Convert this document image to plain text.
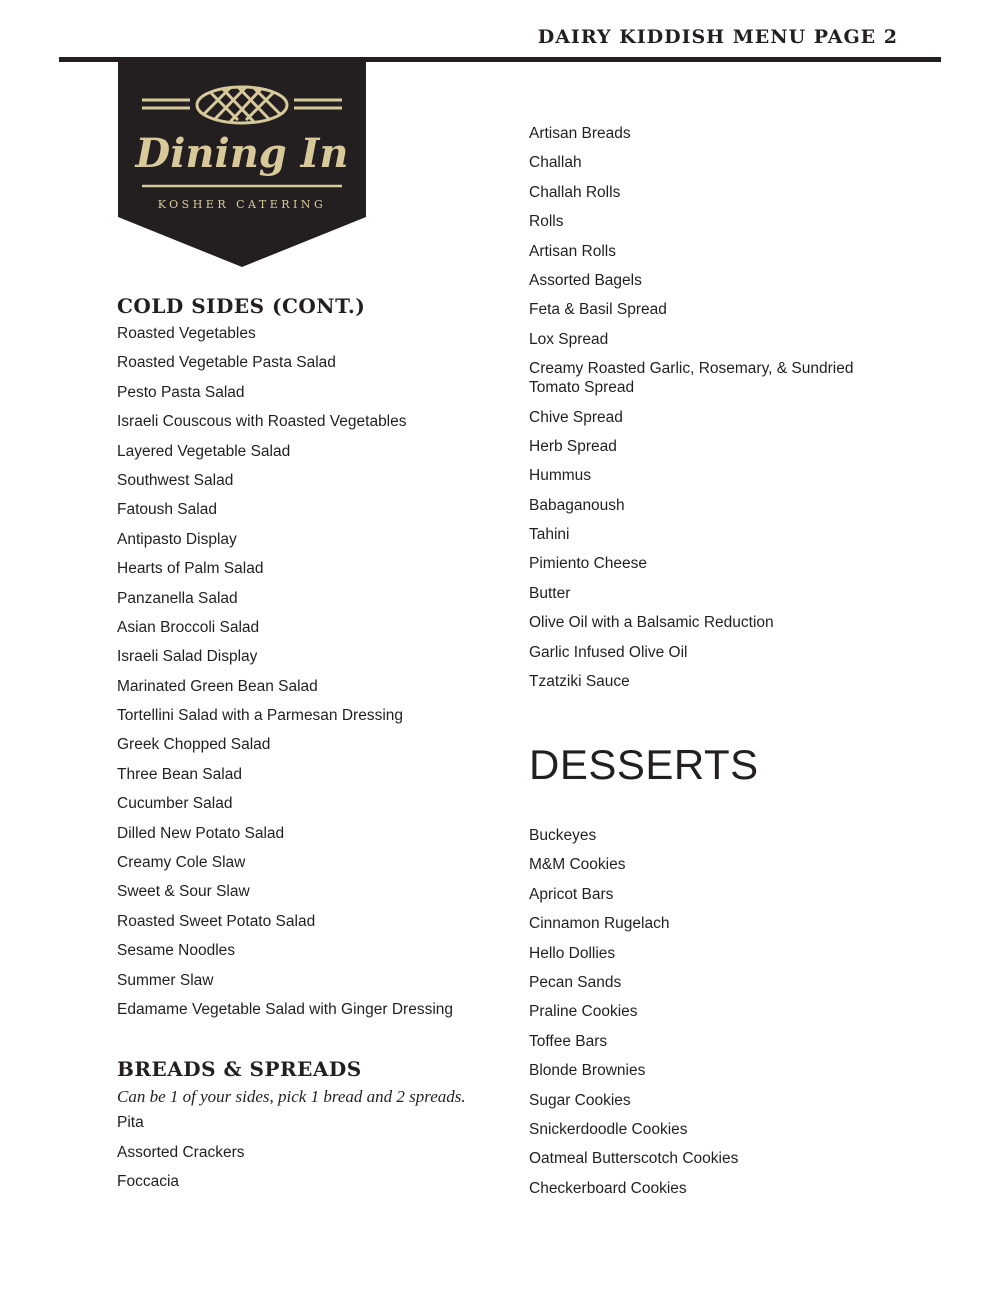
DAIRY KIDDISH MENU PAGE 2
Dining In
KOSHER CATERING
COLD SIDES (CONT.)
Roasted Vegetables
Roasted Vegetable Pasta Salad
Pesto Pasta Salad
Israeli Couscous with Roasted Vegetables
Layered Vegetable Salad
Southwest Salad
Fatoush Salad
Antipasto Display
Hearts of Palm Salad
Panzanella Salad
Asian Broccoli Salad
Israeli Salad Display
Marinated Green Bean Salad
Tortellini Salad with a Parmesan Dressing
Greek Chopped Salad
Three Bean Salad
Cucumber Salad
Dilled New Potato Salad
Creamy Cole Slaw
Sweet & Sour Slaw
Roasted Sweet Potato Salad
Sesame Noodles
Summer Slaw
Edamame Vegetable Salad with Ginger Dressing
BREADS & SPREADS

Can be 1 of your sides, pick 1 bread and 2 spreads.

Pita
Assorted Crackers
Foccacia
Artisan Breads
Challah
Challah Rolls
Rolls
Artisan Rolls
Assorted Bagels
Feta & Basil Spread
Lox Spread
Creamy Roasted Garlic, Rosemary, & Sundried Tomato Spread
Chive Spread
Herb Spread
Hummus
Babaganoush
Tahini
Pimiento Cheese
Butter
Olive Oil with a Balsamic Reduction
Garlic Infused Olive Oil
Tzatziki Sauce
DESSERTS
Buckeyes
M&M Cookies
Apricot Bars
Cinnamon Rugelach
Hello Dollies
Pecan Sands
Praline Cookies
Toffee Bars
Blonde Brownies
Sugar Cookies
Snickerdoodle Cookies
Oatmeal Butterscotch Cookies
Checkerboard Cookies
